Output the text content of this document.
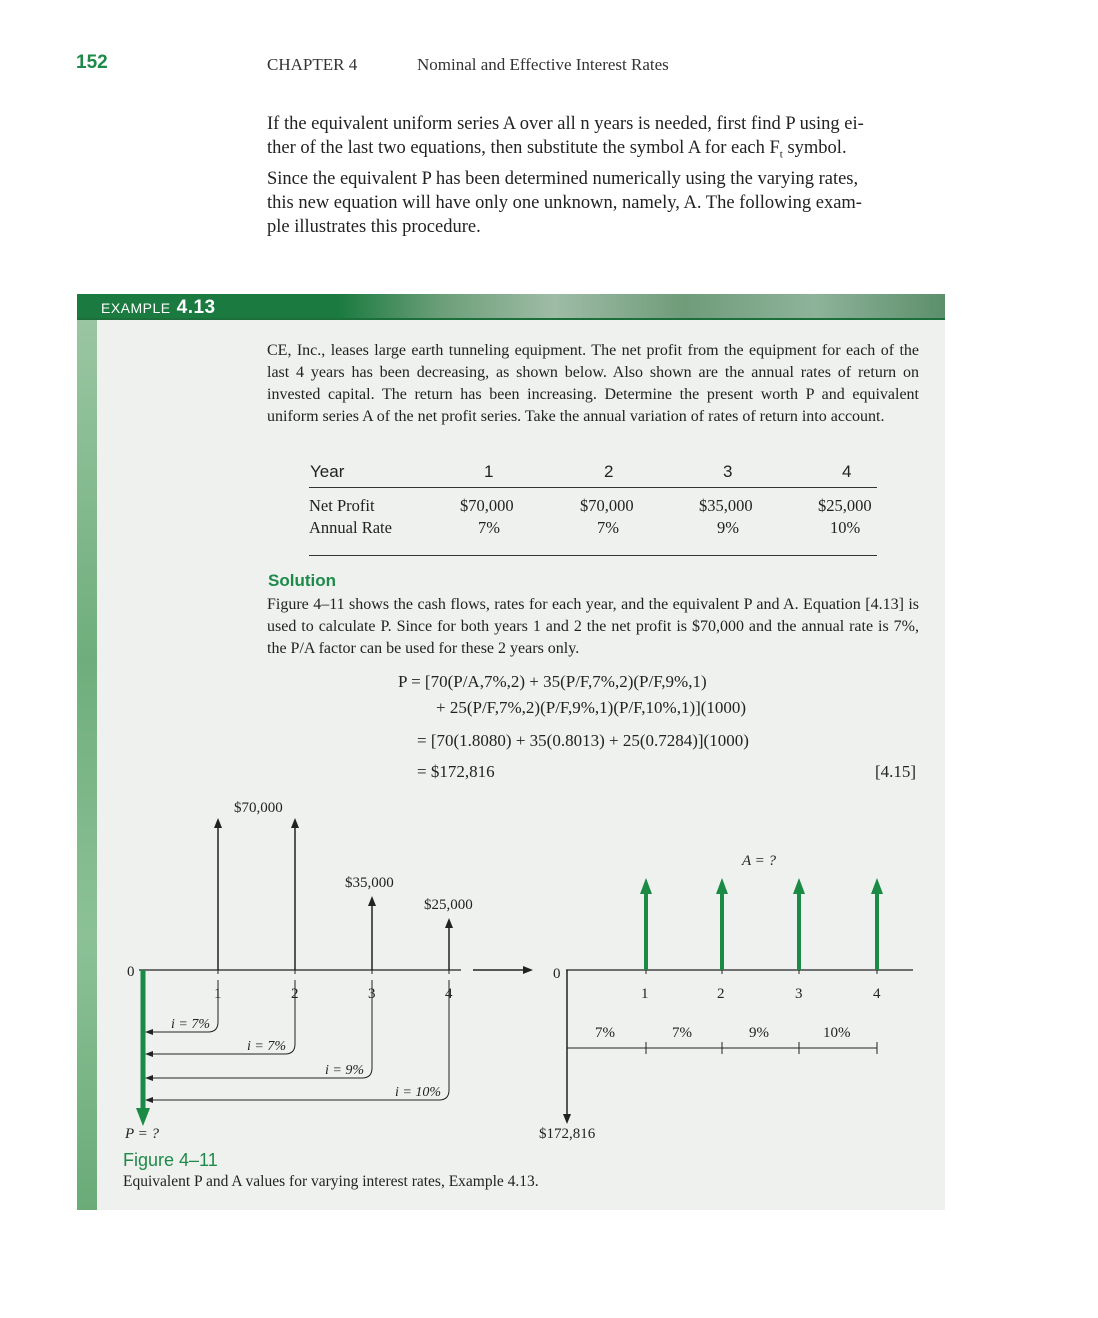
152	CHAPTER 4	Nominal and Effective Interest Rates
If the equivalent uniform series A over all n years is needed, first find P using ei-
ther of the last two equations, then substitute the symbol A for each $F_t$ symbol.
Since the equivalent P has been determined numerically using the varying rates,
this new equation will have only one unknown, namely, A. The following exam-
ple illustrates this procedure.
EXAMPLE 4.13
CE, Inc., leases large earth tunneling equipment. The net profit from the equipment for each of the last 4 years has been decreasing, as shown below. Also shown are the annual rates of return on invested capital. The return has been increasing. Determine the present worth P and equivalent uniform series A of the net profit series. Take the annual variation of rates of return into account.
Year	1	2	3	4
Net Profit	$70,000	$70,000	$35,000	$25,000
Annual Rate	7%	7%	9%	10%
Solution
Figure 4–11 shows the cash flows, rates for each year, and the equivalent P and A. Equation [4.13] is used to calculate P. Since for both years 1 and 2 the net profit is $70,000 and the annual rate is 7%, the P/A factor can be used for these 2 years only.
P = [70(P/A,7%,2) + 35(P/F,7%,2)(P/F,9%,1)
+ 25(P/F,7%,2)(P/F,9%,1)(P/F,10%,1)](1000)
= [70(1.8080) + 35(0.8013) + 25(0.7284)](1000)
= $172,816	[4.15]
$70,000
$35,000
$25,000
0
1	2	3	4
i = 7%
i = 7%
i = 9%
i = 10%
P = ?
A = ?
0
1	2	3	4
7%	7%	9%	10%
$172,816
Figure 4–11
Equivalent P and A values for varying interest rates, Example 4.13.
